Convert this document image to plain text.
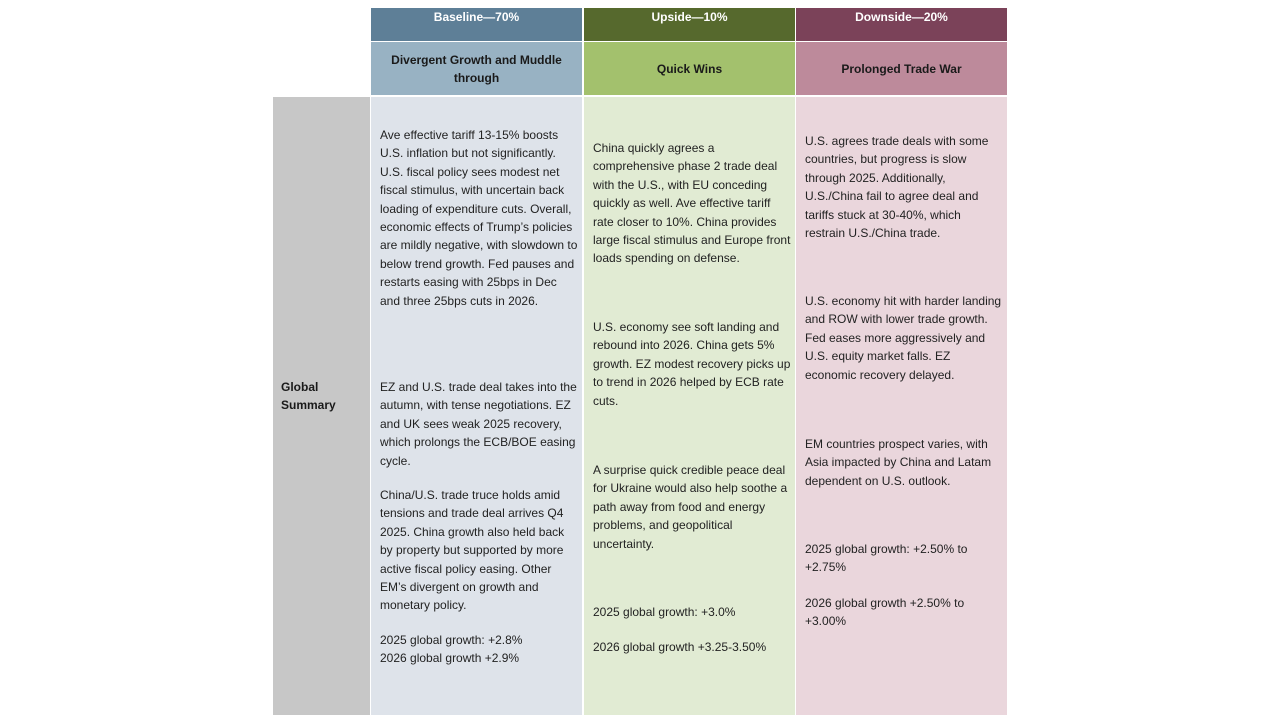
Global Summary
Baseline—70%
Divergent Growth and Muddle through

Ave effective tariff 13-15% boosts U.S. inflation but not significantly. U.S. fiscal policy sees modest net fiscal stimulus, with uncertain back loading of expenditure cuts. Overall, economic effects of Trump’s policies are mildly negative, with slowdown to below trend growth. Fed pauses and restarts easing with 25bps in Dec and three 25bps cuts in 2026.

EZ and U.S. trade deal takes into the autumn, with tense negotiations. EZ and UK sees weak 2025 recovery, which prolongs the ECB/BOE easing cycle.

China/U.S. trade truce holds amid tensions and trade deal arrives Q4 2025. China growth also held back by property but supported by more active fiscal policy easing. Other EM’s divergent on growth and monetary policy.

2025 global growth: +2.8%

2026 global growth +2.9%

Upside—10%
Quick Wins

China quickly agrees a comprehensive phase 2 trade deal with the U.S., with EU conceding quickly as well. Ave effective tariff rate closer to 10%. China provides large fiscal stimulus and Europe front loads spending on defense.

U.S. economy see soft landing and rebound into 2026. China gets 5% growth. EZ modest recovery picks up to trend in 2026 helped by ECB rate cuts.

A surprise quick credible peace deal for Ukraine would also help soothe a path away from food and energy problems, and geopolitical uncertainty.

2025 global growth: +3.0%

2026 global growth +3.25-3.50%

Downside—20%
Prolonged Trade War

U.S. agrees trade deals with some countries, but progress is slow through 2025. Additionally, U.S./China fail to agree deal and tariffs stuck at 30-40%, which restrain U.S./China trade.

U.S. economy hit with harder landing and ROW with lower trade growth. Fed eases more aggressively and U.S. equity market falls. EZ economic recovery delayed.

EM countries prospect varies, with Asia impacted by China and Latam dependent on U.S. outlook.

2025 global growth: +2.50% to +2.75%

2026 global growth +2.50% to +3.00%
